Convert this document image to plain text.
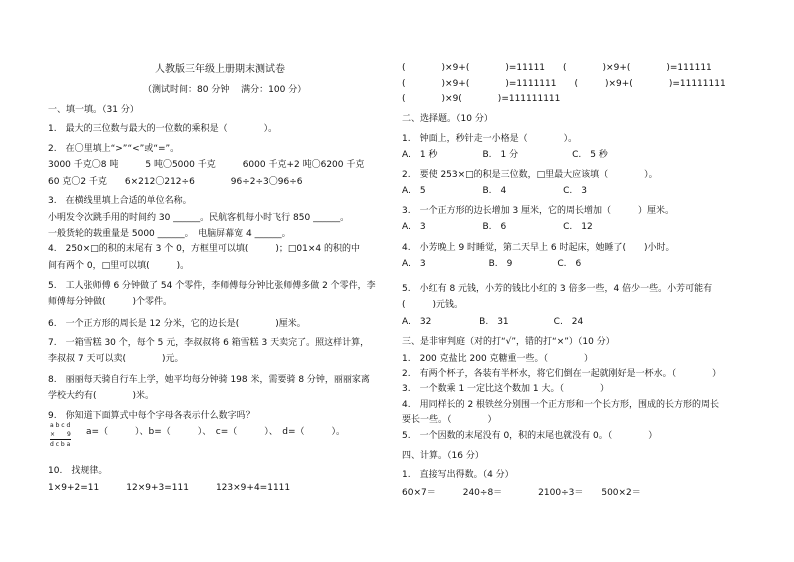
人教版三年级上册期末测试卷
（测试时间：80 分钟　 满分：100 分）
一、填一填。（31 分）
1.　最大的三位数与最大的一位数的乘积是（　　　　）。
2.　在〇里填上“>”“<”或“=”。
3000 千克〇8 吨　　　5 吨〇5000 千克　　　6000 千克+2 吨〇6200 千克
60 克〇2 千克　　6×212〇212÷6　　　　96÷2÷3〇96÷6
3.　在横线里填上合适的单位名称。
小明发令次跳手用的时间约 30 ______。民航客机每小时飞行 850 ______。
一般货轮的载重量是 5000 ______。　电脑屏幕宽 4 ______。
4.　250×□的积的末尾有 3 个 0，方框里可以填(　　　)；□01×4 的积的中
间有两个 0，□里可以填(　　　)。
5.　工人张师傅 6 分钟做了 54 个零件，李师傅每分钟比张师傅多做 2 个零件，李
师傅每分钟做(　　　)个零件。
6.　一个正方形的周长是 12 分米，它的边长是(　　　　)厘米。
7.　一箱雪糕 30 个，每个 5 元，李叔叔将 6 箱雪糕 3 天卖完了。照这样计算，
李叔叔 7 天可以卖(　　　　)元。
8.　丽丽每天骑自行车上学，她平均每分钟骑 198 米，需要骑 8 分钟，丽丽家离
学校大约有(　　　　)米。
9.　你知道下面算式中每个字母各表示什么数字吗？
a b c d
×　　9
d c b a
a=（　　　）、b=（　　　）、　c=（　　　）、　d=（　　　）。
10.　找规律。
1×9+2=11　　　12×9+3=111　　　123×9+4=1111
(　　　　)×9+(　　　　)=11111　　(　　　　)×9+(　　　　)=111111
(　　　　)×9+(　　　　)=1111111　　(　　　)×9+(　　　　)=11111111
(　　　　)×9(　　　　)=111111111
二、选择题。（10 分）
1.　钟面上，秒针走一小格是（　　　　）。
A.　1 秒　　　　　B.　1 分　　　　　　C.　5 秒
2.　要使 253×□的积是三位数，□里最大应该填（　　　　）。
A.　5　　　　　　 B.　4　　　　　　 C.　3
3.　一个正方形的边长增加 3 厘米，它的周长增加（　　　）厘米。
A.　3　　　　　　 B.　6　　　　　　 C.　12
4.　小芳晚上 9 时睡觉，第二天早上 6 时起床，她睡了(　　)小时。
A.　3　　　　　　　B.　9　　　　　C.　6
5.　小红有 8 元钱，小芳的钱比小红的 3 倍多一些，4 倍少一些。小芳可能有
(　　　)元钱。
A.　32　　　　　 B.　31　　　　　C.　24
三、是非审判庭（对的打“√”，错的打“×”）（10 分）
1.　200 克盐比 200 克糖重一些。（　　　　）
2.　有两个杯子，各装有半杯水，将它们倒在一起就刚好是一杯水。（　　　　）
3.　一个数乘 1 一定比这个数加 1 大。（　　　　）
4.　用同样长的 2 根铁丝分别围一个正方形和一个长方形，围成的长方形的周长
要长一些。（　　　　）
5.　一个因数的末尾没有 0，积的末尾也就没有 0。（　　　　）
四、计算。（16 分）
1.　直接写出得数。（4 分）
60×7＝　　　240÷8＝　　　　2100÷3＝　　500×2＝
